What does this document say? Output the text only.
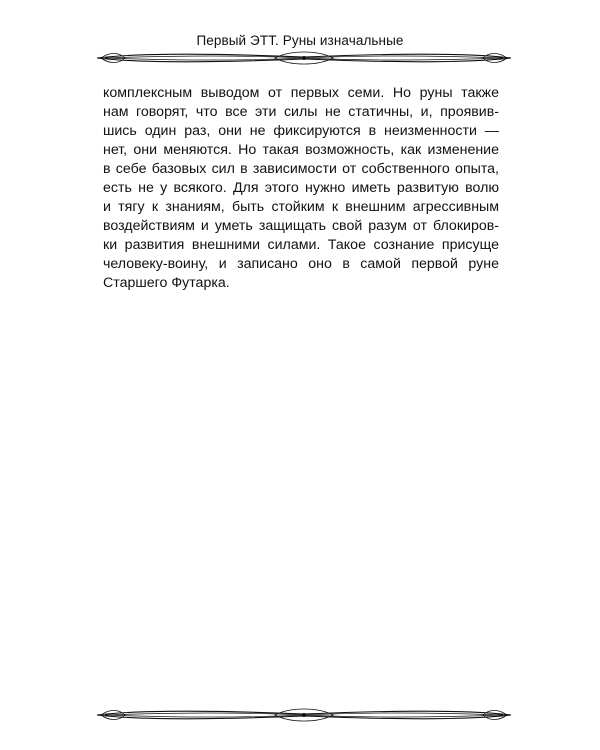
Первый ЭТТ. Руны изначальные
комплексным выводом от первых семи. Но руны также
нам говорят, что все эти силы не статичны, и, проявив-
шись один раз, они не фиксируются в неизменности —
нет, они меняются. Но такая возможность, как изменение
в себе базовых сил в зависимости от собственного опыта,
есть не у всякого. Для этого нужно иметь развитую волю
и тягу к знаниям, быть стойким к внешним агрессивным
воздействиям и уметь защищать свой разум от блокиров-
ки развития внешними силами. Такое сознание присуще
человеку-воину, и записано оно в самой первой руне
Старшего Футарка.
